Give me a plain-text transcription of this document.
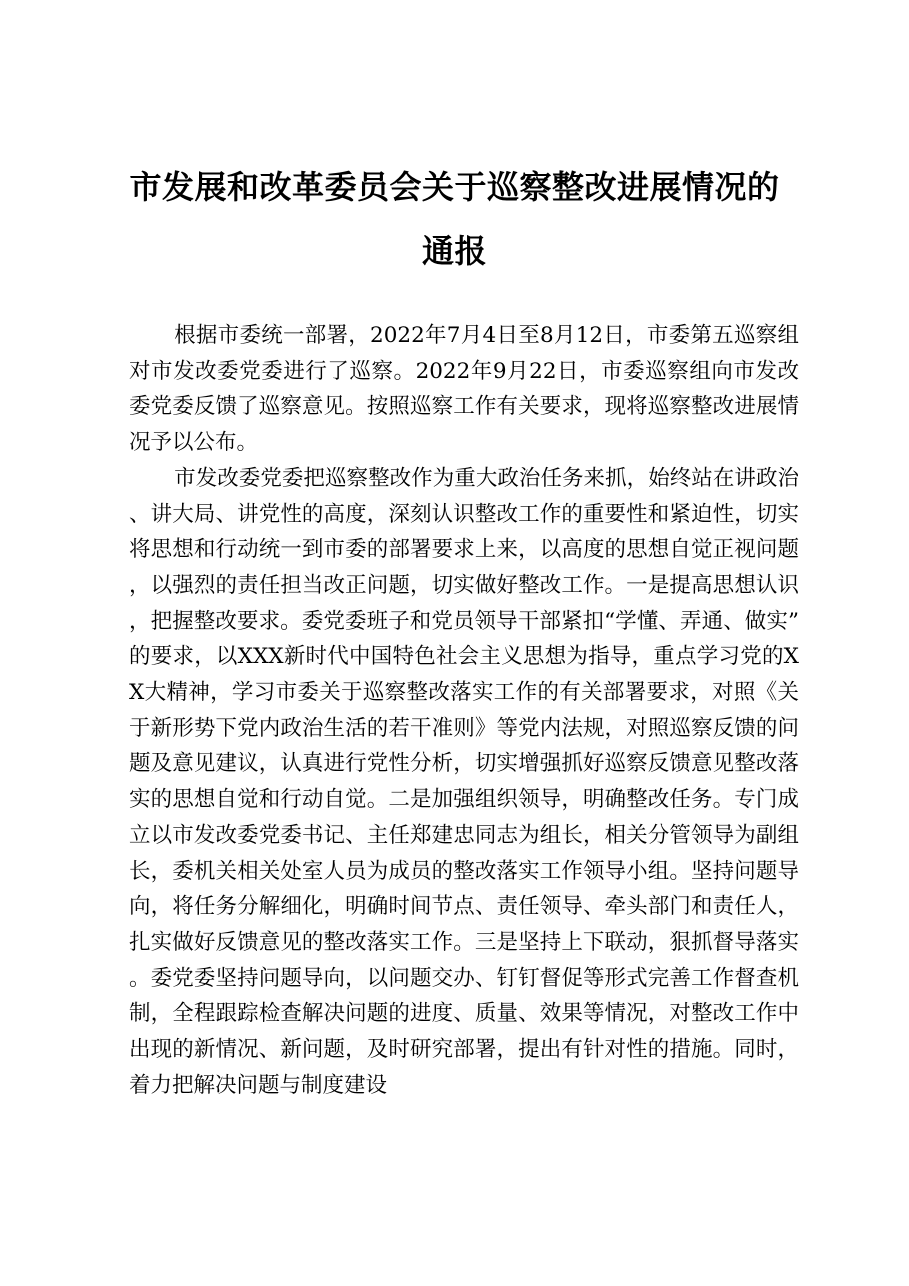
市发展和改革委员会关于巡察整改进展情况的
通报

根据市委统一部署，2022年7月4日至8月12日，市委第五巡察组对市发改委党委进行了巡察。2022年9月22日，市委巡察组向市发改委党委反馈了巡察意见。按照巡察工作有关要求，现将巡察整改进展情况予以公布。

市发改委党委把巡察整改作为重大政治任务来抓，始终站在讲政治、讲大局、讲党性的高度，深刻认识整改工作的重要性和紧迫性，切实将思想和行动统一到市委的部署要求上来，以高度的思想自觉正视问题，以强烈的责任担当改正问题，切实做好整改工作。一是提高思想认识，把握整改要求。委党委班子和党员领导干部紧扣“学懂、弄通、做实”的要求，以XXX新时代中国特色社会主义思想为指导，重点学习党的XX大精神，学习市委关于巡察整改落实工作的有关部署要求，对照《关于新形势下党内政治生活的若干准则》等党内法规，对照巡察反馈的问题及意见建议，认真进行党性分析，切实增强抓好巡察反馈意见整改落实的思想自觉和行动自觉。二是加强组织领导，明确整改任务。专门成立以市发改委党委书记、主任郑建忠同志为组长，相关分管领导为副组长，委机关相关处室人员为成员的整改落实工作领导小组。坚持问题导向，将任务分解细化，明确时间节点、责任领导、牵头部门和责任人，扎实做好反馈意见的整改落实工作。三是坚持上下联动，狠抓督导落实。委党委坚持问题导向，以问题交办、钉钉督促等形式完善工作督查机制，全程跟踪检查解决问题的进度、质量、效果等情况，对整改工作中出现的新情况、新问题，及时研究部署，提出有针对性的措施。同时，着力把解决问题与制度建设
